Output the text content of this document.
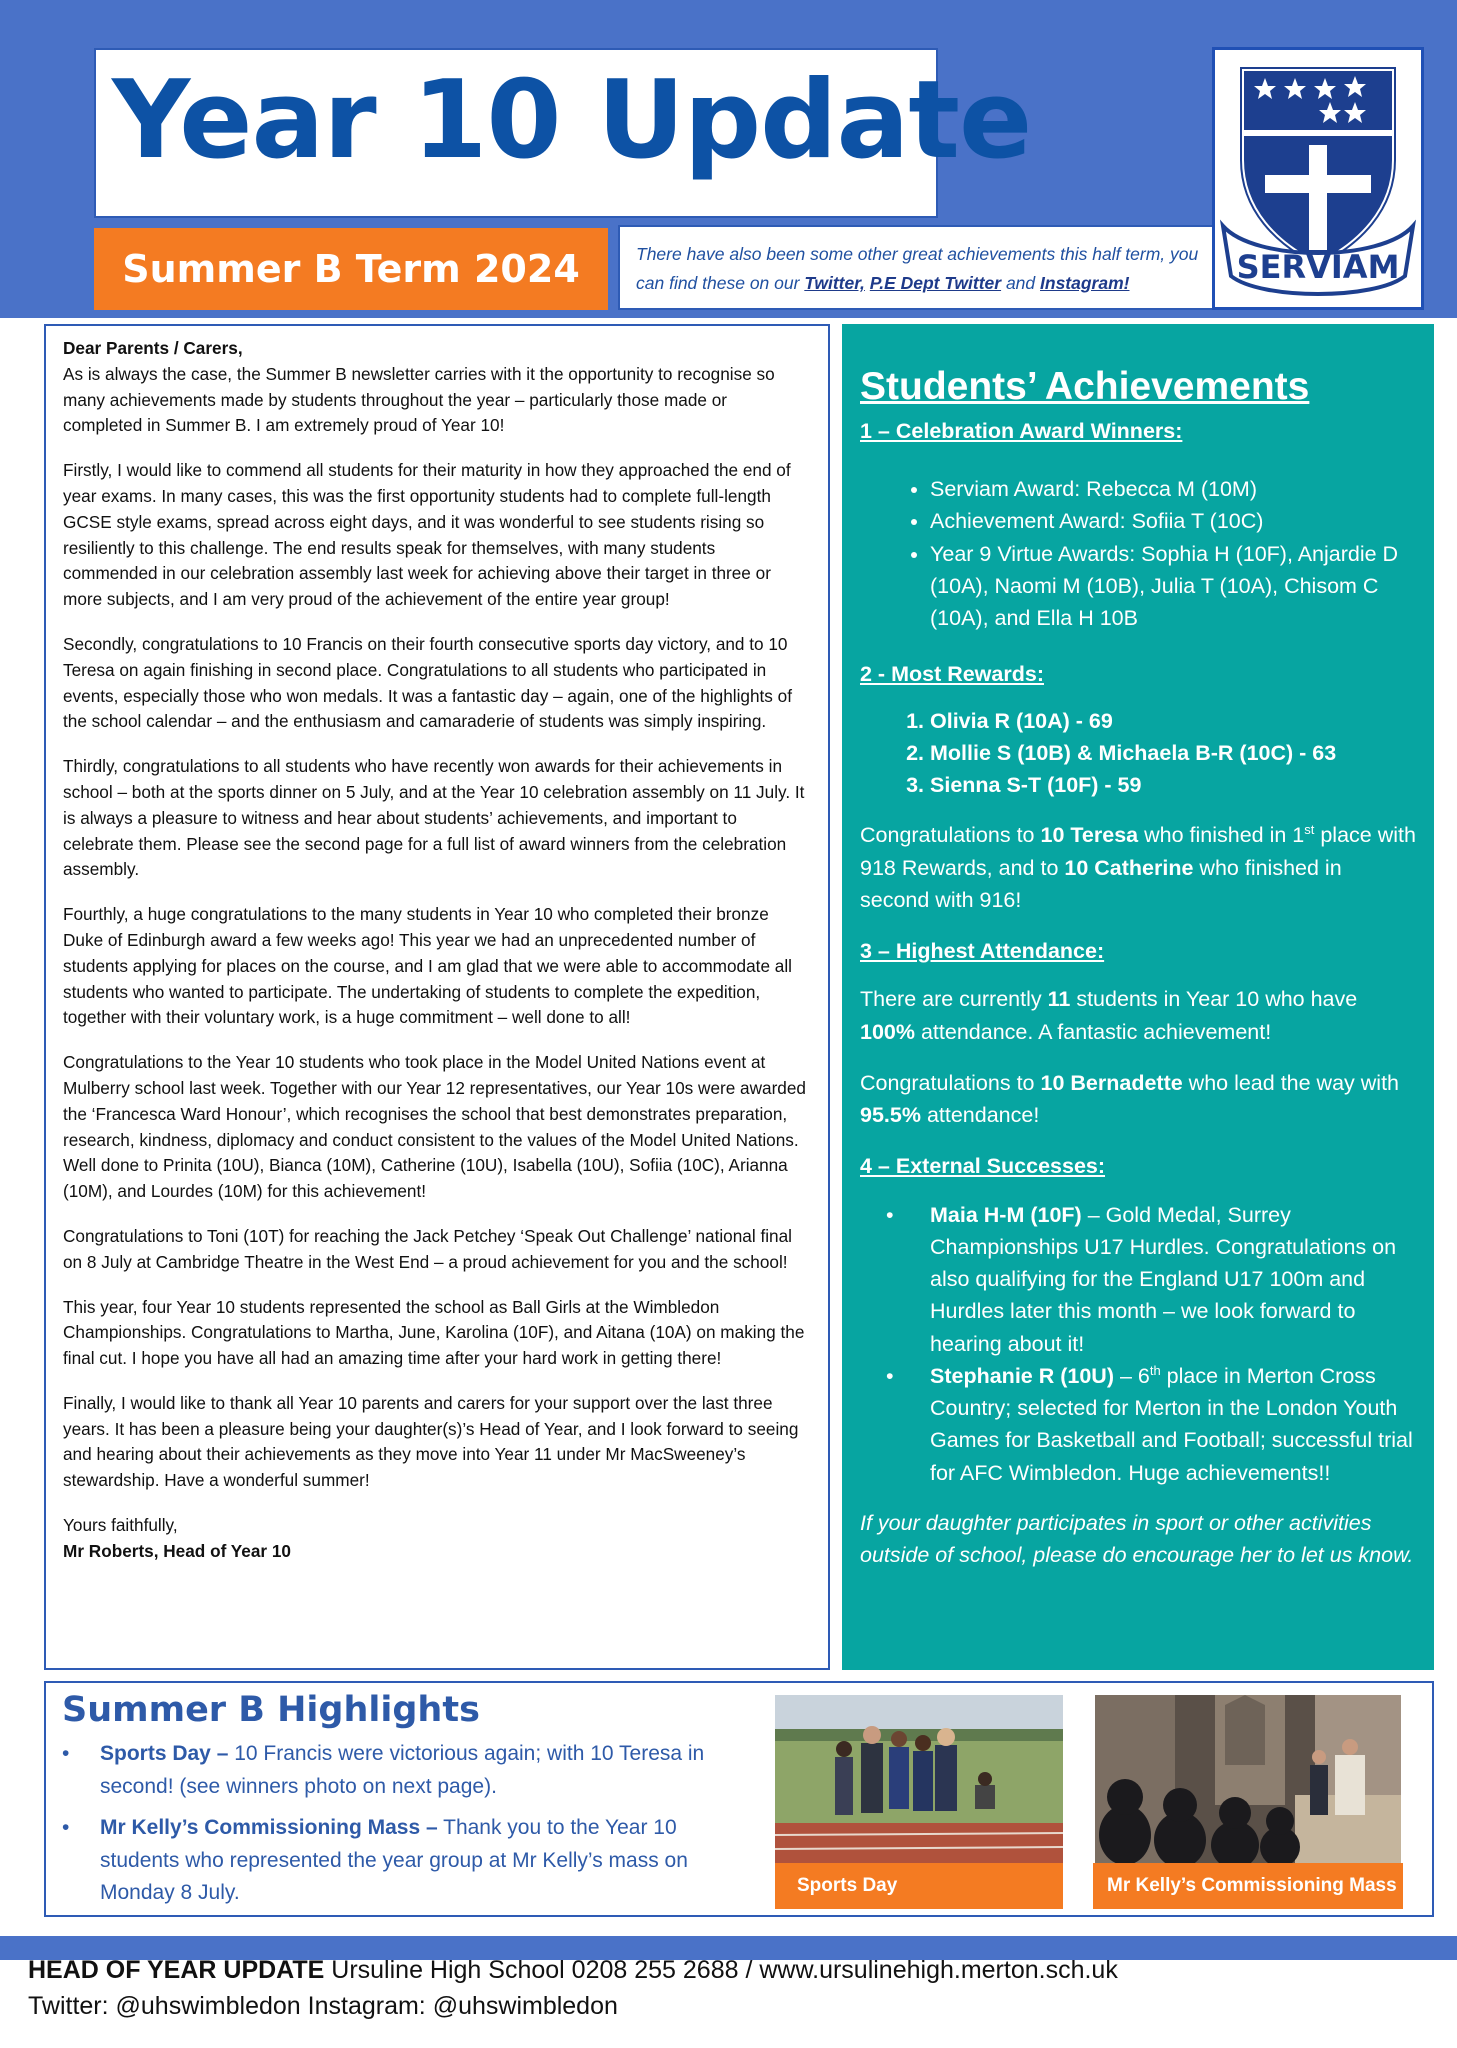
Year 10 Update
Summer B Term 2024	There have also been some other great achievements this half term, you can find these on our Twitter, P.E Dept Twitter and Instagram!	SERVIAM

Dear Parents / Carers,

As is always the case, the Summer B newsletter carries with it the opportunity to recognise so many achievements made by students throughout the year – particularly those made or completed in Summer B. I am extremely proud of Year 10!

Firstly, I would like to commend all students for their maturity in how they approached the end of year exams. In many cases, this was the first opportunity students had to complete full-length GCSE style exams, spread across eight days, and it was wonderful to see students rising so resiliently to this challenge. The end results speak for themselves, with many students commended in our celebration assembly last week for achieving above their target in three or more subjects, and I am very proud of the achievement of the entire year group!

Secondly, congratulations to 10 Francis on their fourth consecutive sports day victory, and to 10 Teresa on again finishing in second place. Congratulations to all students who participated in events, especially those who won medals. It was a fantastic day – again, one of the highlights of the school calendar – and the enthusiasm and camaraderie of students was simply inspiring.

Thirdly, congratulations to all students who have recently won awards for their achievements in school – both at the sports dinner on 5 July, and at the Year 10 celebration assembly on 11 July. It is always a pleasure to witness and hear about students’ achievements, and important to celebrate them. Please see the second page for a full list of award winners from the celebration assembly.

Fourthly, a huge congratulations to the many students in Year 10 who completed their bronze Duke of Edinburgh award a few weeks ago! This year we had an unprecedented number of students applying for places on the course, and I am glad that we were able to accommodate all students who wanted to participate. The undertaking of students to complete the expedition, together with their voluntary work, is a huge commitment – well done to all!

Congratulations to the Year 10 students who took place in the Model United Nations event at Mulberry school last week. Together with our Year 12 representatives, our Year 10s were awarded the ‘Francesca Ward Honour’, which recognises the school that best demonstrates preparation, research, kindness, diplomacy and conduct consistent to the values of the Model United Nations. Well done to Prinita (10U), Bianca (10M), Catherine (10U), Isabella (10U), Sofiia (10C), Arianna (10M), and Lourdes (10M) for this achievement!

Congratulations to Toni (10T) for reaching the Jack Petchey ‘Speak Out Challenge’ national final on 8 July at Cambridge Theatre in the West End – a proud achievement for you and the school!

This year, four Year 10 students represented the school as Ball Girls at the Wimbledon Championships. Congratulations to Martha, June, Karolina (10F), and Aitana (10A) on making the final cut. I hope you have all had an amazing time after your hard work in getting there!

Finally, I would like to thank all Year 10 parents and carers for your support over the last three years. It has been a pleasure being your daughter(s)’s Head of Year, and I look forward to seeing and hearing about their achievements as they move into Year 11 under Mr MacSweeney’s stewardship. Have a wonderful summer!

Yours faithfully,
Mr Roberts, Head of Year 10
Students’ Achievements
1 – Celebration Award Winners:
• Serviam Award: Rebecca M (10M)
• Achievement Award: Sofiia T (10C)
• Year 9 Virtue Awards: Sophia H (10F), Anjardie D (10A), Naomi M (10B), Julia T (10A), Chisom C (10A), and Ella H 10B
2 - Most Rewards:
1. Olivia R (10A) - 69
2. Mollie S (10B) & Michaela B-R (10C) - 63
3. Sienna S-T (10F) - 59

Congratulations to 10 Teresa who finished in 1st place with 918 Rewards, and to 10 Catherine who finished in second with 916!

3 – Highest Attendance:

There are currently 11 students in Year 10 who have 100% attendance. A fantastic achievement!

Congratulations to 10 Bernadette who lead the way with 95.5% attendance!

4 – External Successes:
•	Maia H-M (10F) – Gold Medal, Surrey Championships U17 Hurdles. Congratulations on also qualifying for the England U17 100m and Hurdles later this month – we look forward to hearing about it!
•	Stephanie R (10U) – 6th place in Merton Cross Country; selected for Merton in the London Youth Games for Basketball and Football; successful trial for AFC Wimbledon. Huge achievements!!

If your daughter participates in sport or other activities outside of school, please do encourage her to let us know.

Summer B Highlights
•	Sports Day – 10 Francis were victorious again; with 10 Teresa in second! (see winners photo on next page).
•	Mr Kelly’s Commissioning Mass – Thank you to the Year 10 students who represented the year group at Mr Kelly’s mass on Monday 8 July.	Sports Day	Mr Kelly’s Commissioning Mass
HEAD OF YEAR UPDATE Ursuline High School 0208 255 2688 / www.ursulinehigh.merton.sch.uk
Twitter: @uhswimbledon Instagram: @uhswimbledon
